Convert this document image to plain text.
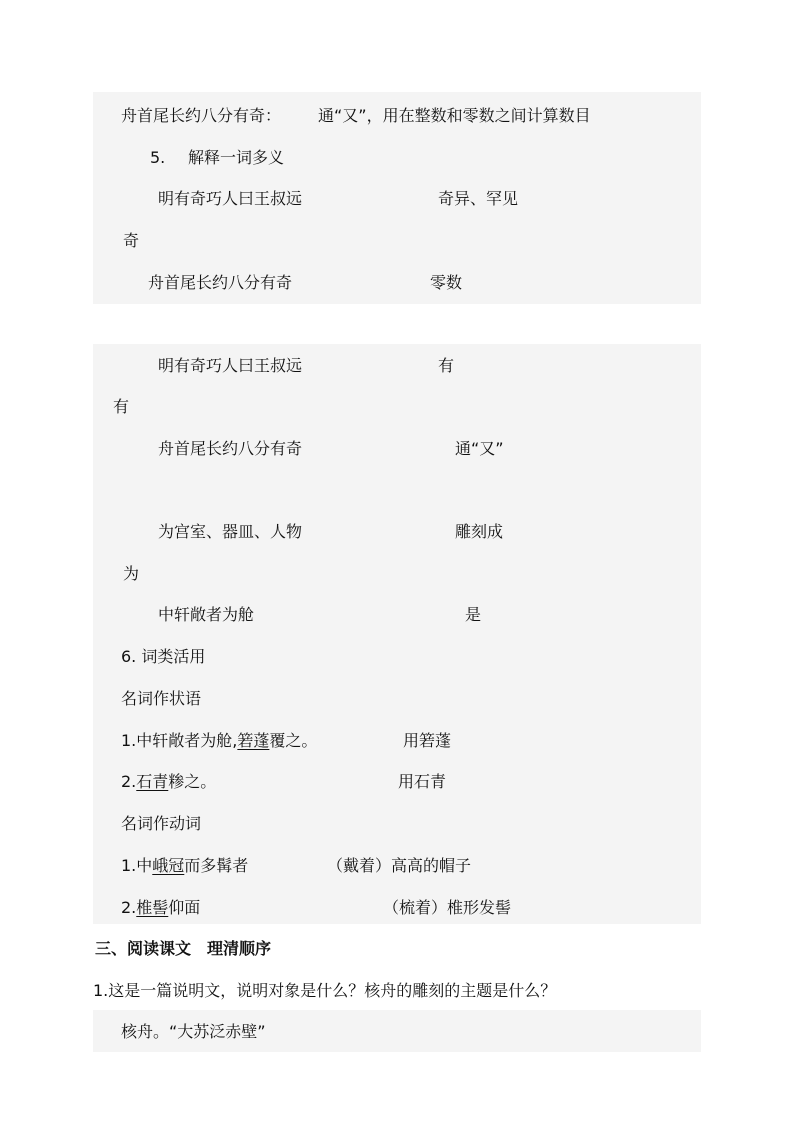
舟首尾长约八分有奇： 通“又”，用在整数和零数之间计算数目
5. 解释一词多义
明有奇巧人曰王叔远	奇异、罕见
奇
舟首尾长约八分有奇	零数
明有奇巧人曰王叔远	有
有
舟首尾长约八分有奇	通“又”
为宫室、器皿、人物	雕刻成
为
中轩敞者为舱	是
6. 词类活用
名词作状语
1.中轩敞者为舱,箬蓬覆之。	用箬蓬
2.石青糁之。	用石青
名词作动词
1.中峨冠而多髯者	（戴着）高高的帽子
2.椎髻仰面	（梳着）椎形发髻
三、阅读课文　理清顺序
1.这是一篇说明文，说明对象是什么？核舟的雕刻的主题是什么？
核舟。“大苏泛赤壁”
